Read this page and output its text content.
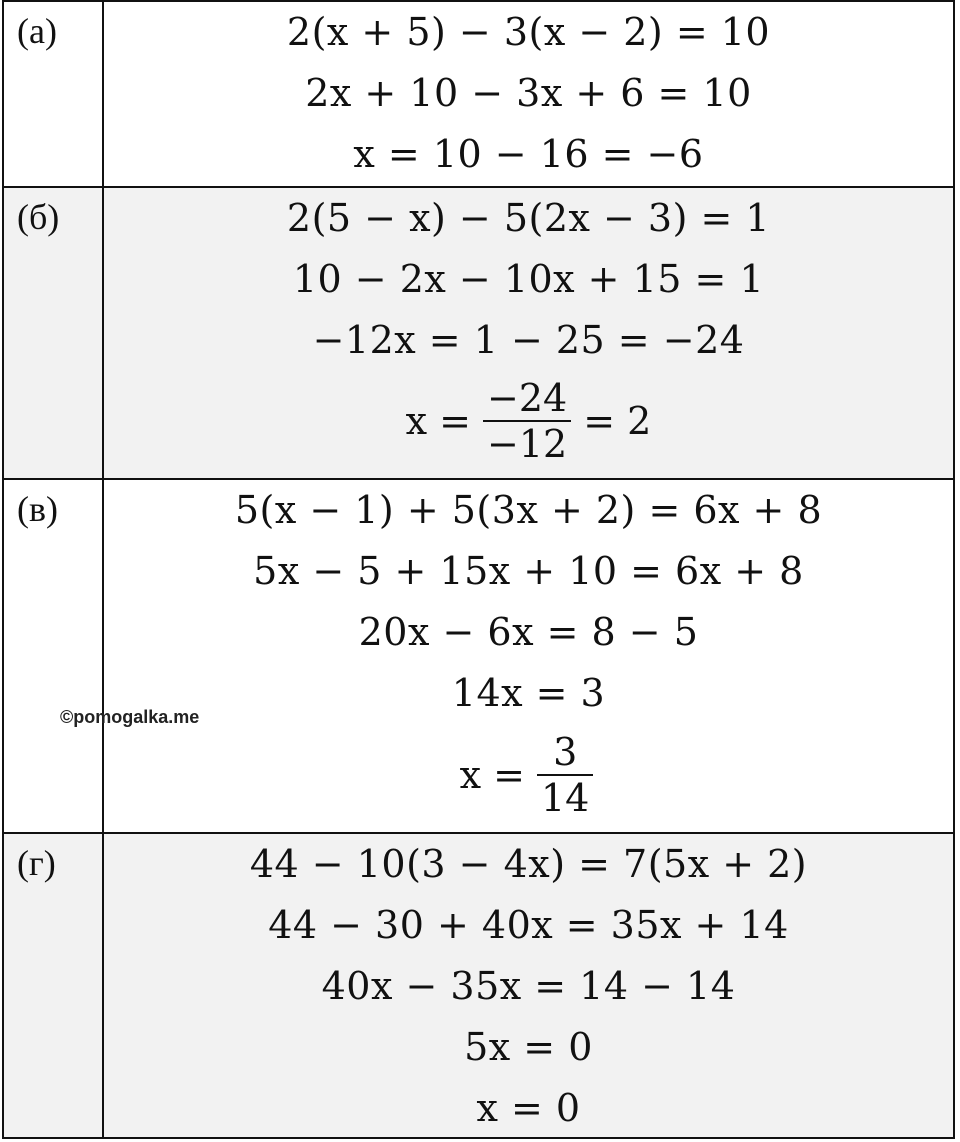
(а)	2(x + 5) − 3(x − 2) = 10
2x + 10 − 3x + 6 = 10
x = 10 − 16 = −6
(б)	2(5 − x) − 5(2x − 3) = 1
10 − 2x − 10x + 15 = 1
−12x = 1 − 25 = −24
$x = \frac{-24}{-12} = 2$
(в)	5(x − 1) + 5(3x + 2) = 6x + 8
5x − 5 + 15x + 10 = 6x + 8
20x − 6x = 8 − 5
14x = 3
$x = \frac{3}{14}$
(г)	44 − 10(3 − 4x) = 7(5x + 2)
44 − 30 + 40x = 35x + 14
40x − 35x = 14 − 14
5x = 0
x = 0
©pomogalka.me
